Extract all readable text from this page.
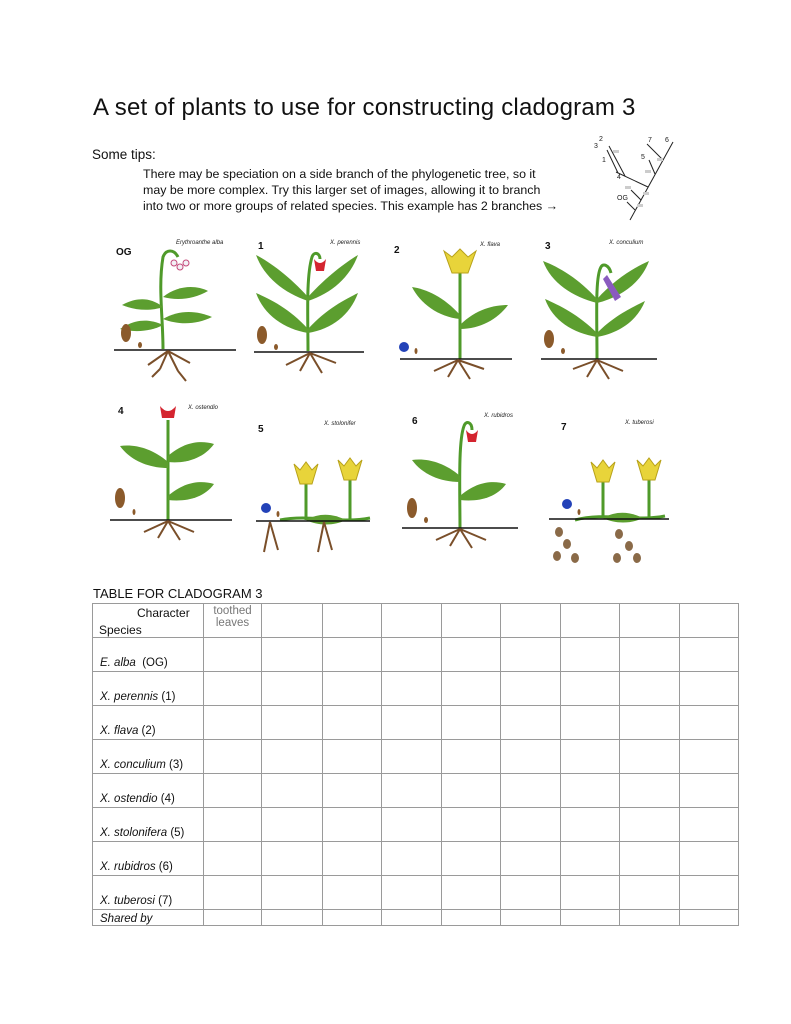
A set of plants to use for constructing cladogram 3
Some tips:
There may be speciation on a side branch of the phylogenetic tree, so it
may be more complex. Try this larger set of images, allowing it to branch
into two or more groups of related species. This example has 2 branches →
2
3
1
7 6
5
4
OG
OG
Erythroanthe alba	1	X. perennis
2	X. flava	3	X. conculium
4	X. ostendio
5	X. stolonifer	6	X. rubidros
7	X. tuberosi
TABLE FOR CLADOGRAM 3
Character
Species	toothed leaves								
E. alba  (OG)									
X. perennis (1)									
X. flava (2)									
X. conculium (3)									
X. ostendio (4)									
X. stolonifera (5)									
X. rubidros (6)									
X. tuberosi (7)									
Shared by									
